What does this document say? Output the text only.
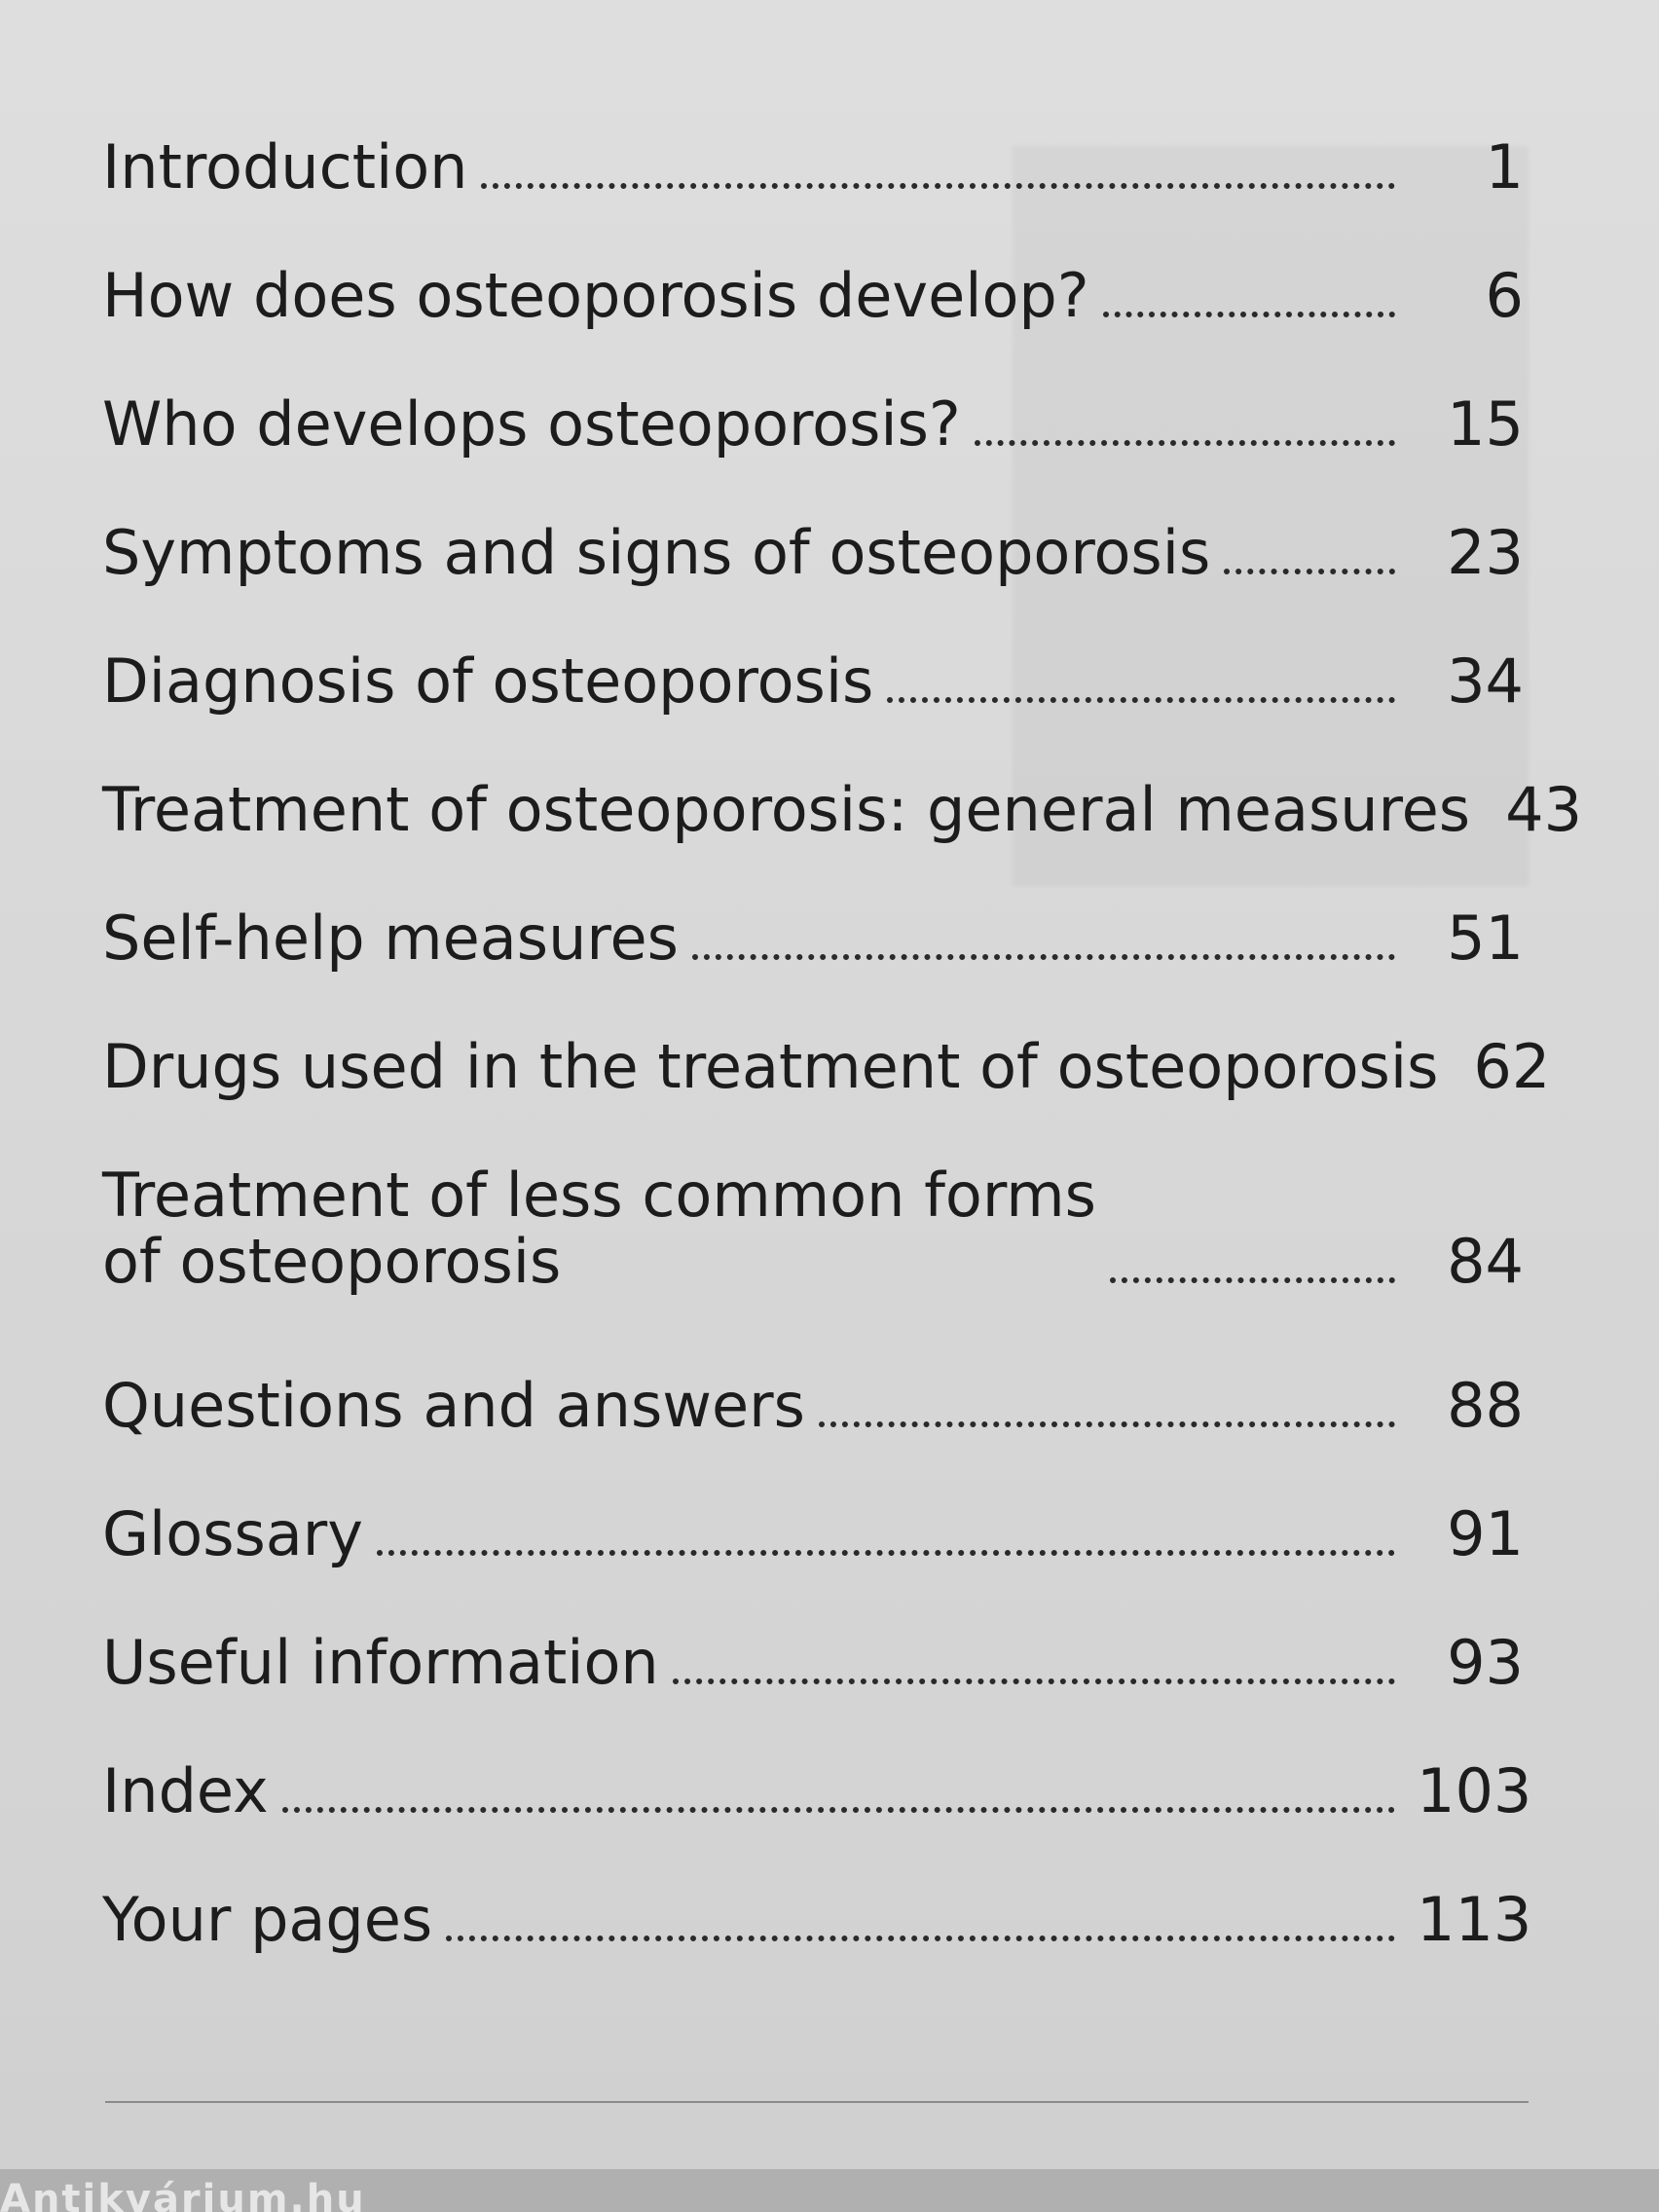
Introduction	1
How does osteoporosis develop?	6
Who develops osteoporosis?	15
Symptoms and signs of osteoporosis	23
Diagnosis of osteoporosis	34
Treatment of osteoporosis: general measures 43
Self-help measures	51
Drugs used in the treatment of osteoporosis 62
Treatment of less common forms
of osteoporosis	84
Questions and answers	88
Glossary	91
Useful information	93
Index	103
Your pages	113
Antikvárium.hu
